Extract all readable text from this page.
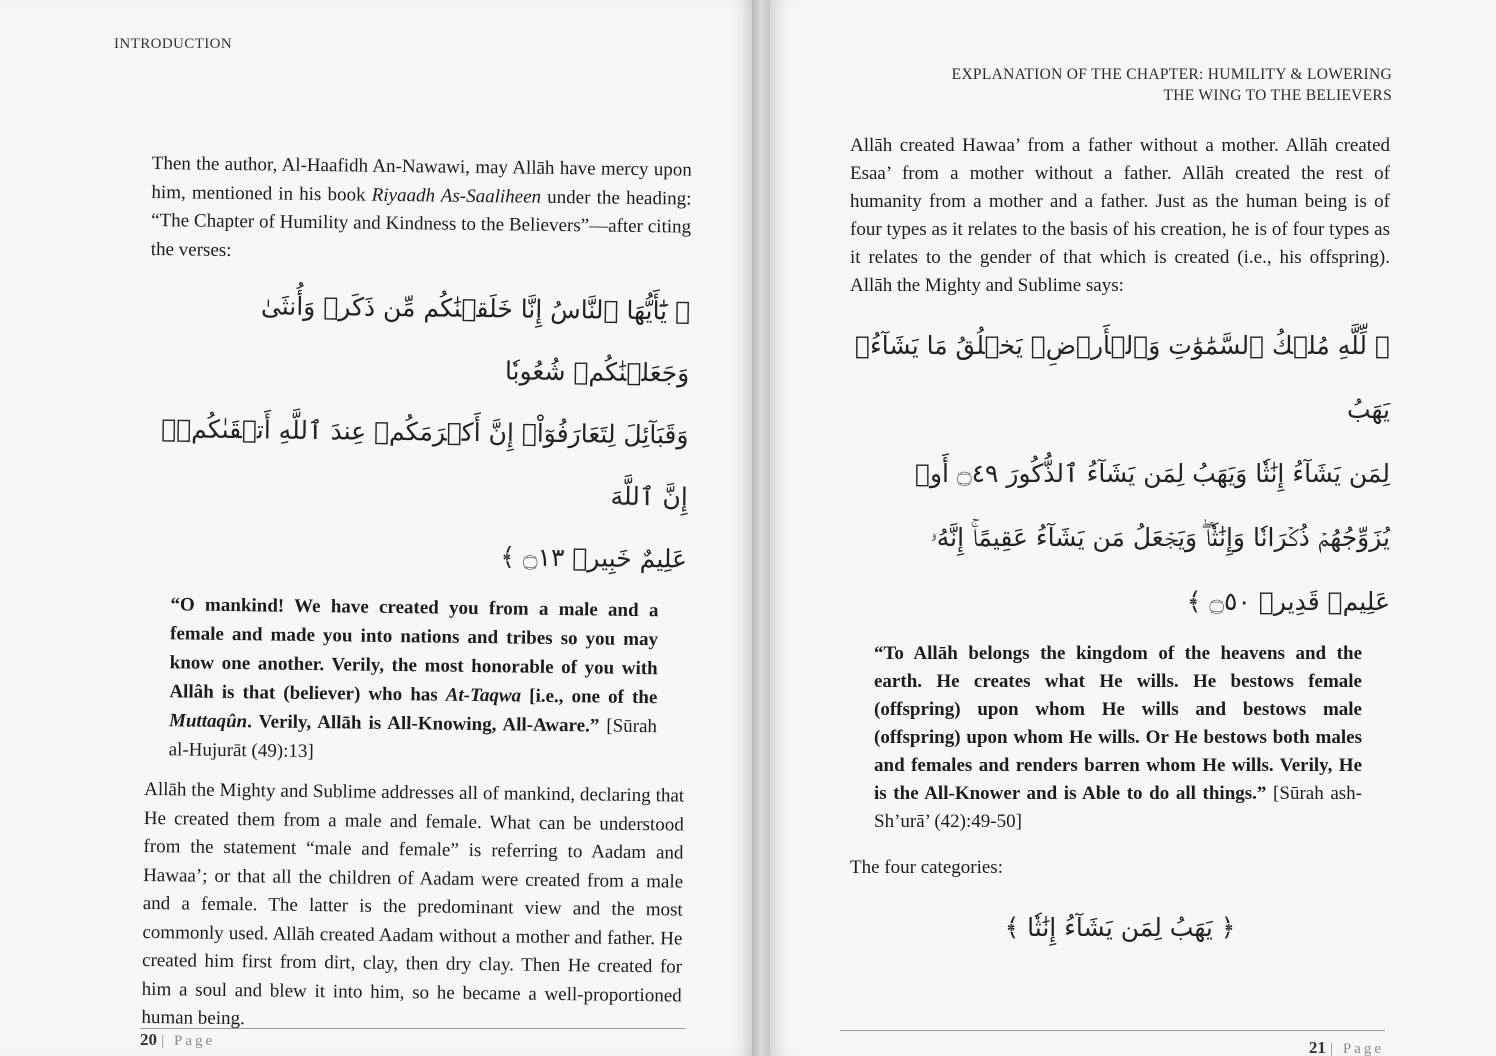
INTRODUCTION

Then the author, Al-Haafidh An-Nawawi, may Allāh have mercy upon him, mentioned in his book Riyaadh As-Saaliheen under the heading: “The Chapter of Humility and Kindness to the Believers”—after citing the verses:

﴿ يَٰٓأَيُّهَا ٱلنَّاسُ إِنَّا خَلَقۡنَٰكُم مِّن ذَكَرٖ وَأُنثَىٰ وَجَعَلۡنَٰكُمۡ شُعُوبٗا
وَقَبَآئِلَ لِتَعَارَفُوٓاْۚ إِنَّ أَكۡرَمَكُمۡ عِندَ ٱللَّهِ أَتۡقَىٰكُمۡۚ إِنَّ ٱللَّهَ
عَلِيمٌ خَبِيرٞ ۝١٣ ﴾

“O mankind! We have created you from a male and a female and made you into nations and tribes so you may know one another. Verily, the most honorable of you with Allâh is that (believer) who has At-Taqwa [i.e., one of the Muttaqûn. Verily, Allāh is All-Knowing, All-Aware.” [Sūrah al-Hujurāt (49):13]

Allāh the Mighty and Sublime addresses all of mankind, declaring that He created them from a male and female. What can be understood from the statement “male and female” is referring to Aadam and Hawaa’; or that all the children of Aadam were created from a male and a female. The latter is the predominant view and the most commonly used. Allāh created Aadam without a mother and father. He created him first from dirt, clay, then dry clay. Then He created for him a soul and blew it into him, so he became a well-proportioned human being.

20 | Page
EXPLANATION OF THE CHAPTER: HUMILITY & LOWERING
THE WING TO THE BELIEVERS

Allāh created Hawaa’ from a father without a mother. Allāh created Esaa’ from a mother without a father. Allāh created the rest of humanity from a mother and a father. Just as the human being is of four types as it relates to the basis of his creation, he is of four types as it relates to the gender of that which is created (i.e., his offspring). Allāh the Mighty and Sublime says:

﴿ لِّلَّهِ مُلۡكُ ٱلسَّمَٰوَٰتِ وَٱلۡأَرۡضِۚ يَخۡلُقُ مَا يَشَآءُۚ يَهَبُ
لِمَن يَشَآءُ إِنَٰثٗا وَيَهَبُ لِمَن يَشَآءُ ٱلذُّكُورَ ۝٤٩ أَوۡ
يُزَوِّجُهُمۡ ذُكۡرَانٗا وَإِنَٰثٗاۖ وَيَجۡعَلُ مَن يَشَآءُ عَقِيمًاۚ إِنَّهُۥ
عَلِيمٞ قَدِيرٞ ۝٥٠ ﴾

“To Allāh belongs the kingdom of the heavens and the earth. He creates what He wills. He bestows female (offspring) upon whom He wills and bestows male (offspring) upon whom He wills. Or He bestows both males and females and renders barren whom He wills. Verily, He is the All-Knower and is Able to do all things.” [Sūrah ash-Sh’urā’ (42):49-50]

The four categories:

﴿ يَهَبُ لِمَن يَشَآءُ إِنَٰثٗا ﴾
21 | Page
